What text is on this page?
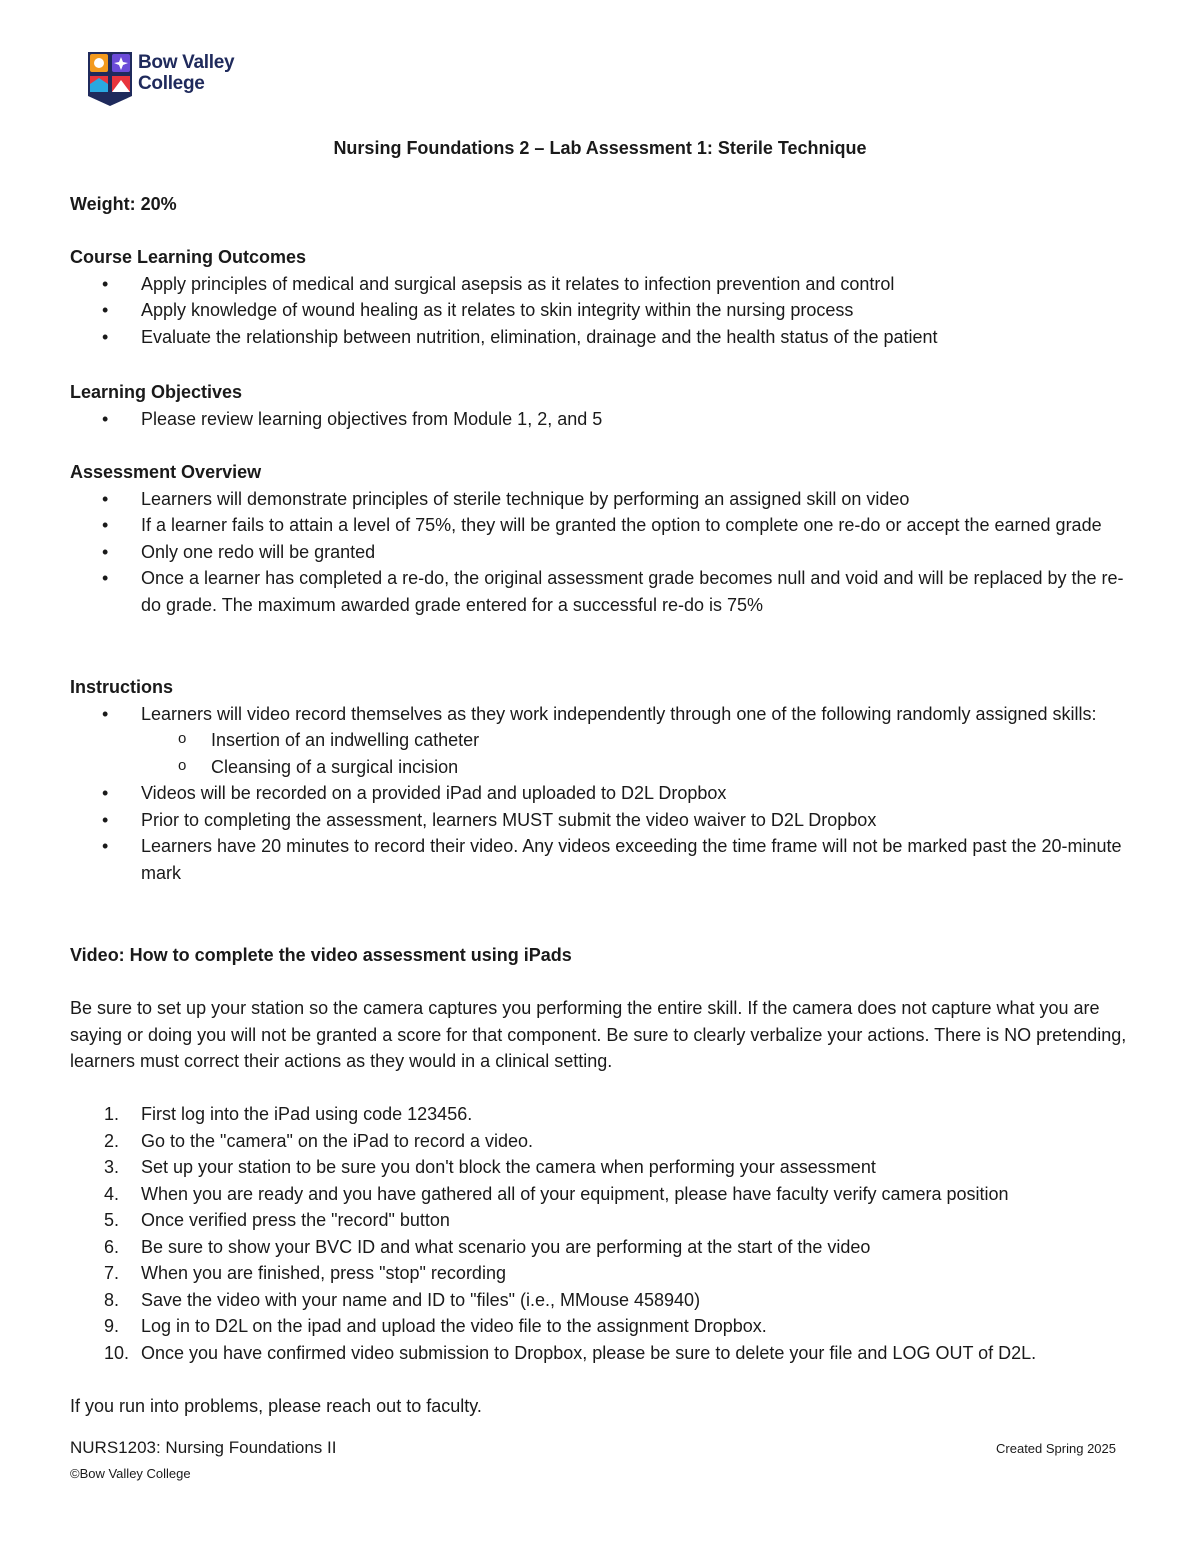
Bow Valley
College
Nursing Foundations 2 – Lab Assessment 1: Sterile Technique
Weight: 20%
Course Learning Outcomes
• Apply principles of medical and surgical asepsis as it relates to infection prevention and control
• Apply knowledge of wound healing as it relates to skin integrity within the nursing process
• Evaluate the relationship between nutrition, elimination, drainage and the health status of the patient
Learning Objectives
• Please review learning objectives from Module 1, 2, and 5
Assessment Overview
• Learners will demonstrate principles of sterile technique by performing an assigned skill on video
• If a learner fails to attain a level of 75%, they will be granted the option to complete one re-do or accept the earned grade
• Only one redo will be granted
• Once a learner has completed a re-do, the original assessment grade becomes null and void and will be replaced by the re-do grade. The maximum awarded grade entered for a successful re-do is 75%
Instructions
• Learners will video record themselves as they work independently through one of the following randomly assigned skills:
o Insertion of an indwelling catheter
o Cleansing of a surgical incision
• Videos will be recorded on a provided iPad and uploaded to D2L Dropbox
• Prior to completing the assessment, learners MUST submit the video waiver to D2L Dropbox
• Learners have 20 minutes to record their video. Any videos exceeding the time frame will not be marked past the 20-minute mark
Video: How to complete the video assessment using iPads
Be sure to set up your station so the camera captures you performing the entire skill. If the camera does not capture what you are saying or doing you will not be granted a score for that component. Be sure to clearly verbalize your actions. There is NO pretending, learners must correct their actions as they would in a clinical setting.
1. First log into the iPad using code 123456.
2. Go to the "camera" on the iPad to record a video.
3. Set up your station to be sure you don't block the camera when performing your assessment
4. When you are ready and you have gathered all of your equipment, please have faculty verify camera position
5. Once verified press the "record" button
6. Be sure to show your BVC ID and what scenario you are performing at the start of the video
7. When you are finished, press "stop" recording
8. Save the video with your name and ID to "files" (i.e., MMouse 458940)
9. Log in to D2L on the ipad and upload the video file to the assignment Dropbox.
10. Once you have confirmed video submission to Dropbox, please be sure to delete your file and LOG OUT of D2L.
If you run into problems, please reach out to faculty.
NURS1203: Nursing Foundations II	Created Spring 2025
©Bow Valley College
